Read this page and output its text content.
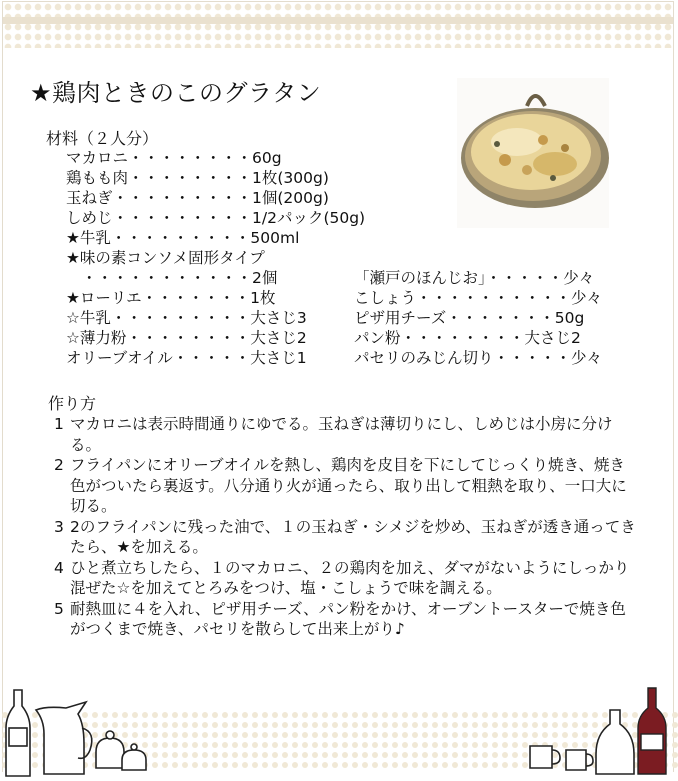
★鶏肉ときのこのグラタン
材料（２人分）
マカロニ・・・・・・・・60g
鶏もも肉・・・・・・・・1枚(300g)
玉ねぎ・・・・・・・・・1個(200g)
しめじ・・・・・・・・・1/2パック(50g)
★牛乳・・・・・・・・・500ml
★味の素コンソメ固形タイプ
　・・・・・・・・・・・2個
★ローリエ・・・・・・・1枚
☆牛乳・・・・・・・・・大さじ3
☆薄力粉・・・・・・・・大さじ2
オリーブオイル・・・・・大さじ1
「瀬戸のほんじお」・・・・・少々
こしょう・・・・・・・・・・少々
ピザ用チーズ・・・・・・・50g
パン粉・・・・・・・・大さじ2
パセリのみじん切り・・・・・少々
作り方
1 マカロニは表示時間通りにゆでる。玉ねぎは薄切りにし、しめじは小房に分ける。
2 フライパンにオリーブオイルを熱し、鶏肉を皮目を下にしてじっくり焼き、焼き色がついたら裏返す。八分通り火が通ったら、取り出して粗熱を取り、一口大に切る。
3 2のフライパンに残った油で、１の玉ねぎ・シメジを炒め、玉ねぎが透き通ってきたら、★を加える。
4 ひと煮立ちしたら、１のマカロニ、２の鶏肉を加え、ダマがないようにしっかり混ぜた☆を加えてとろみをつけ、塩・こしょうで味を調える。
5 耐熱皿に４を入れ、ピザ用チーズ、パン粉をかけ、オーブントースターで焼き色がつくまで焼き、パセリを散らして出来上がり♪
